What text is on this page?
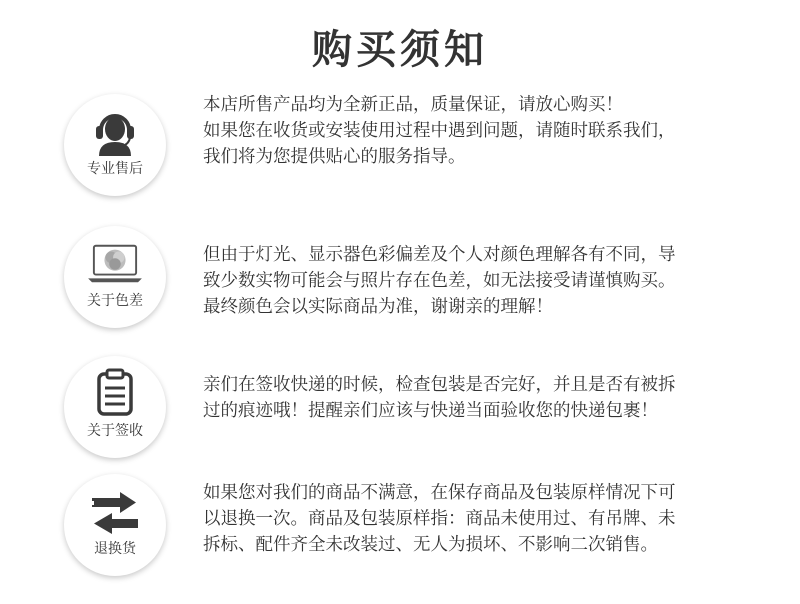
购买须知
专业售后
本店所售产品均为全新正品，质量保证，请放心购买！
如果您在收货或安装使用过程中遇到问题，请随时联系我们，
我们将为您提供贴心的服务指导。
关于色差
但由于灯光、显示器色彩偏差及个人对颜色理解各有不同，导
致少数实物可能会与照片存在色差，如无法接受请谨慎购买。
最终颜色会以实际商品为准，谢谢亲的理解！
关于签收
亲们在签收快递的时候，检查包装是否完好，并且是否有被拆
过的痕迹哦！提醒亲们应该与快递当面验收您的快递包裹！
退换货
如果您对我们的商品不满意，在保存商品及包装原样情况下可
以退换一次。商品及包装原样指：商品未使用过、有吊牌、未
拆标、配件齐全未改装过、无人为损坏、不影响二次销售。
